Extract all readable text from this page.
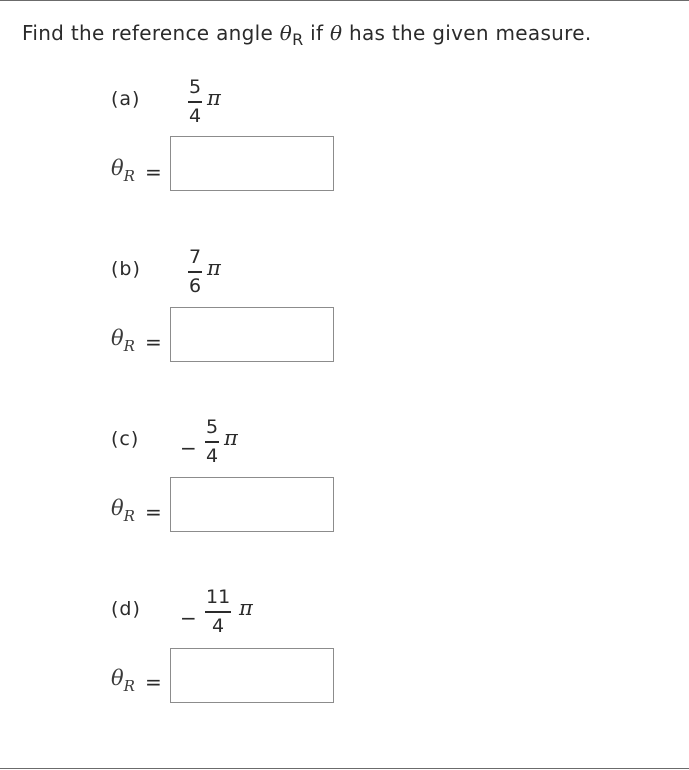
Find the reference angle $\theta_R$ if θ has the given measure.
(a)
5
4
π
$\theta_R$ =
(b)
7
6
π
$\theta_R$ =
(c) −
5
4
π
$\theta_R$ =
(d) −
11
4
π
$\theta_R$ =
